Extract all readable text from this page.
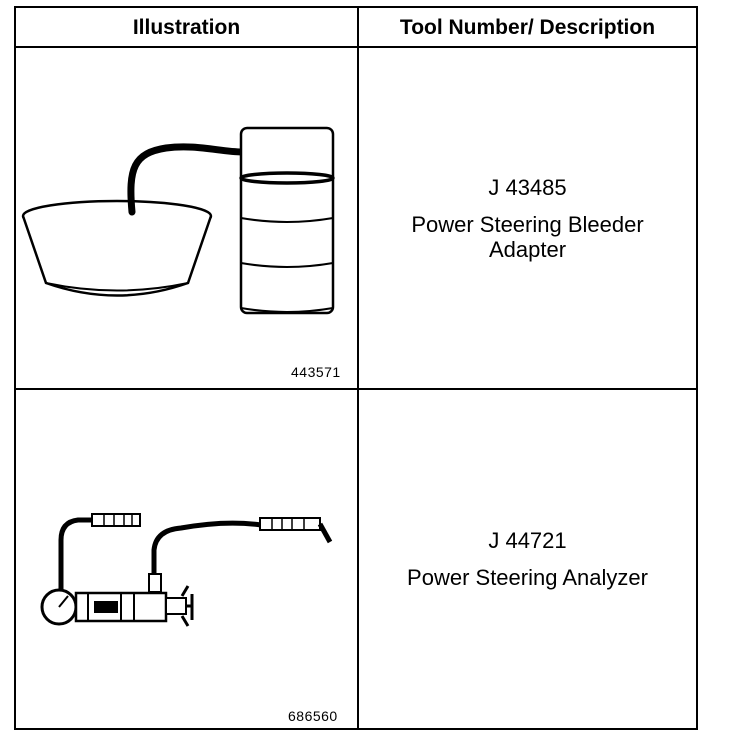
Illustration	Tool Number/ Description
443571
J 43485
Power Steering Bleeder
Adapter
686560
J 44721
Power Steering Analyzer
